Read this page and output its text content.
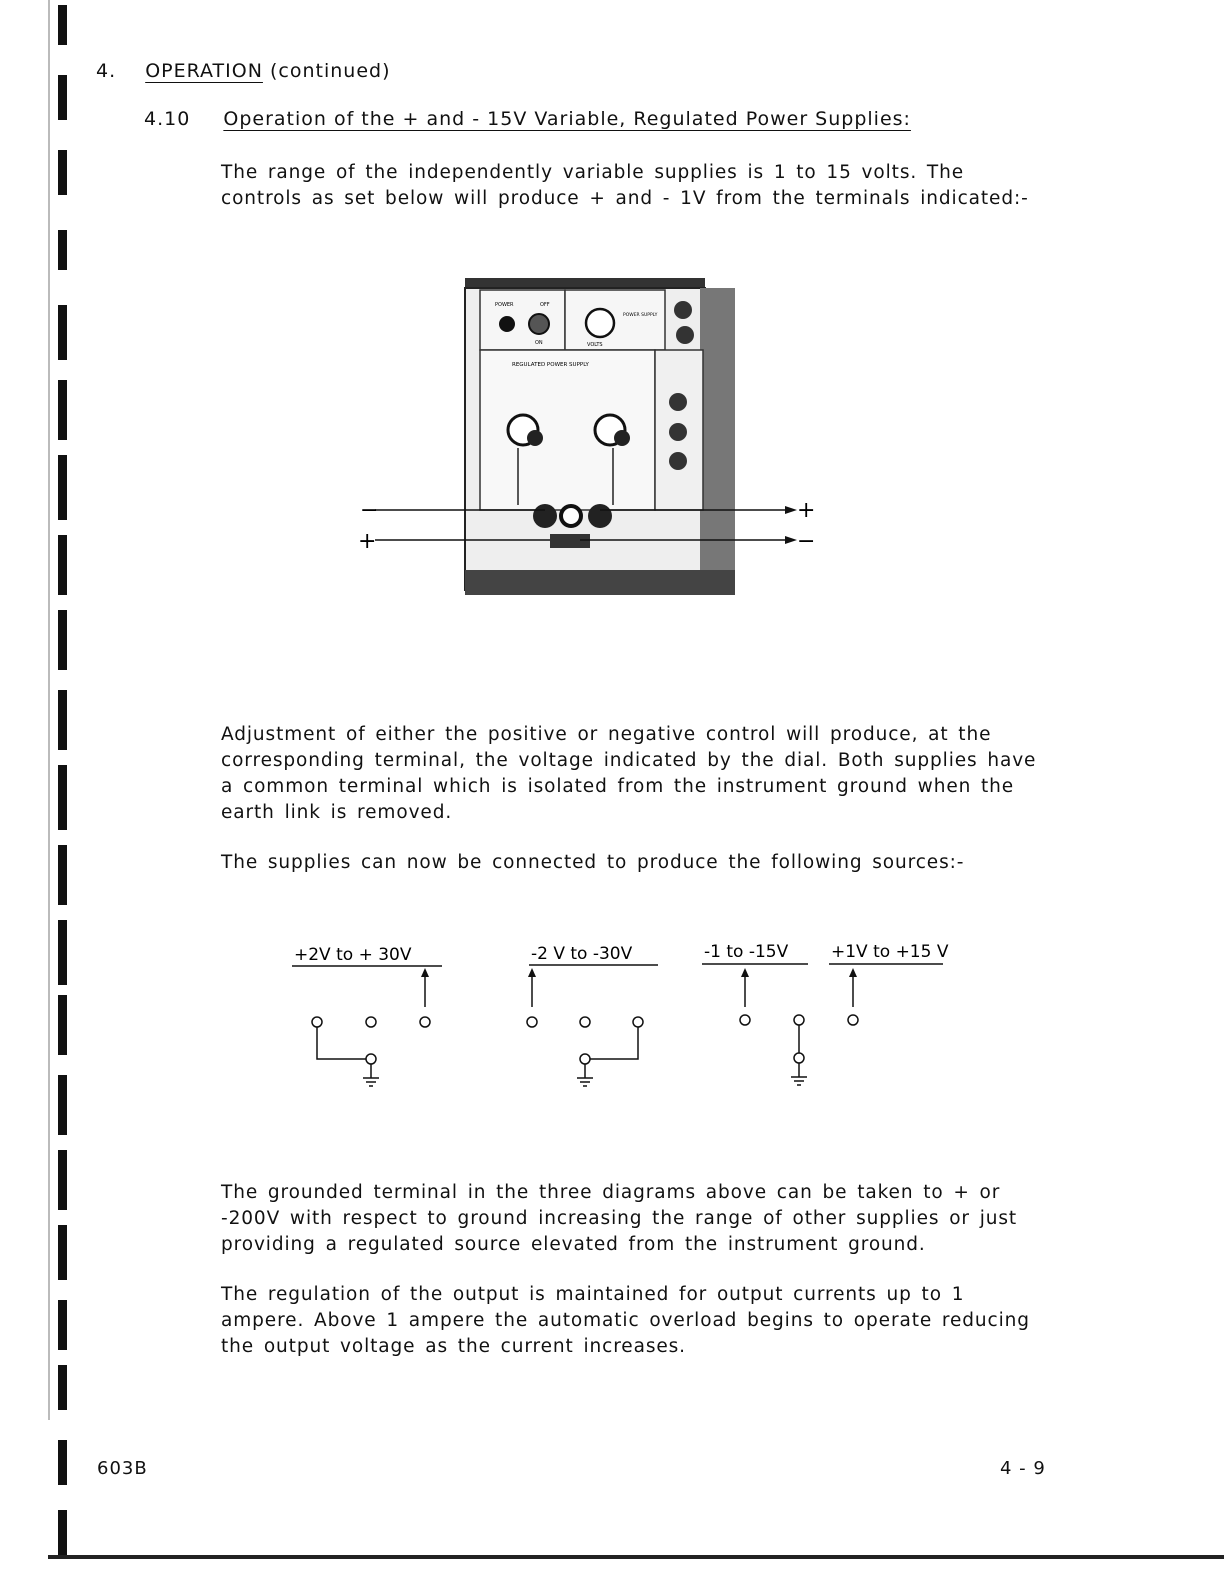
4. OPERATION (continued)
4.10 Operation of the + and - 15V Variable, Regulated Power Supplies:
The range of the independently variable supplies is 1 to 15 volts. The controls as set below will produce + and - 1V from the terminals indicated:-
POWER	OFF
ON	VOLTS
POWER SUPPLY
REGULATED POWER SUPPLY
−
+
+
−
Adjustment of either the positive or negative control will produce, at the corresponding terminal, the voltage indicated by the dial. Both supplies have a common terminal which is isolated from the instrument ground when the earth link is removed.
The supplies can now be connected to produce the following sources:-
+2V to + 30V	-2 V to -30V	-1 to -15V	+1V to +15 V
The grounded terminal in the three diagrams above can be taken to + or -200V with respect to ground increasing the range of other supplies or just providing a regulated source elevated from the instrument ground.
The regulation of the output is maintained for output currents up to 1 ampere. Above 1 ampere the automatic overload begins to operate reducing the output voltage as the current increases.
603B	4 - 9
